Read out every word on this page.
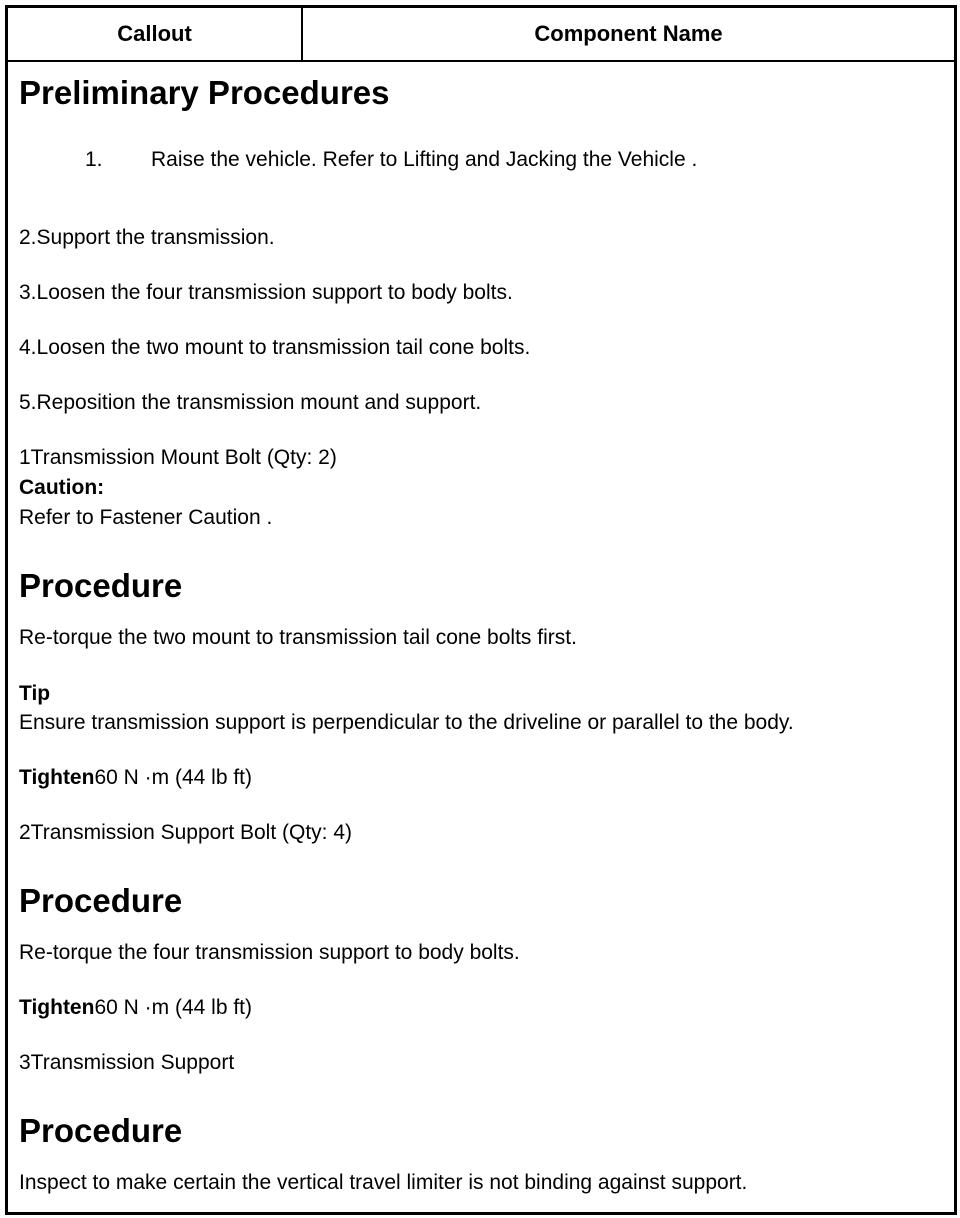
Callout	Component Name
Preliminary Procedures
1. Raise the vehicle. Refer to Lifting and Jacking the Vehicle .
2.Support the transmission.
3.Loosen the four transmission support to body bolts.
4.Loosen the two mount to transmission tail cone bolts.
5.Reposition the transmission mount and support.
1Transmission Mount Bolt (Qty: 2)
Caution:
Refer to Fastener Caution .
Procedure
Re-torque the two mount to transmission tail cone bolts first.
Tip
Ensure transmission support is perpendicular to the driveline or parallel to the body.
Tighten60 N ·m (44 lb ft)
2Transmission Support Bolt (Qty: 4)
Procedure
Re-torque the four transmission support to body bolts.
Tighten60 N ·m (44 lb ft)
3Transmission Support
Procedure
Inspect to make certain the vertical travel limiter is not binding against support.
